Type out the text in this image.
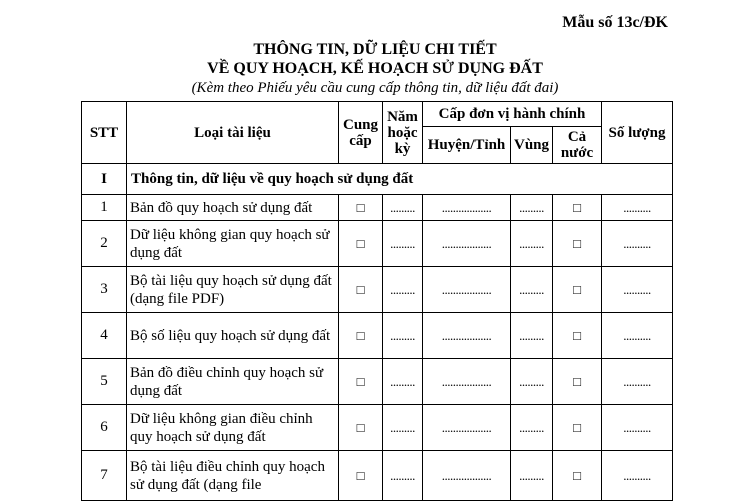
Mẫu số 13c/ĐK
THÔNG TIN, DỮ LIỆU CHI TIẾT
VỀ QUY HOẠCH, KẾ HOẠCH SỬ DỤNG ĐẤT
(Kèm theo Phiếu yêu cầu cung cấp thông tin, dữ liệu đất đai)
STT	Loại tài liệu	Cung cấp	Năm hoặc kỳ	Cấp đơn vị hành chính			Số lượng
				Huyện/Tỉnh	Vùng	Cả nước	
I	Thông tin, dữ liệu về quy hoạch sử dụng đất						
1	Bản đồ quy hoạch sử dụng đất	□	.........	..................	.........	□	..........
2	Dữ liệu không gian quy hoạch sử dụng đất	□	.........	..................	.........	□	..........
3	Bộ tài liệu quy hoạch sử dụng đất (dạng file PDF)	□	.........	..................	.........	□	..........
4	Bộ số liệu quy hoạch sử dụng đất	□	.........	..................	.........	□	..........
5	Bản đồ điều chỉnh quy hoạch sử dụng đất	□	.........	..................	.........	□	..........
6	Dữ liệu không gian điều chỉnh quy hoạch sử dụng đất	□	.........	..................	.........	□	..........
7	Bộ tài liệu điều chỉnh quy hoạch sử dụng đất (dạng file	□	.........	..................	.........	□	..........
